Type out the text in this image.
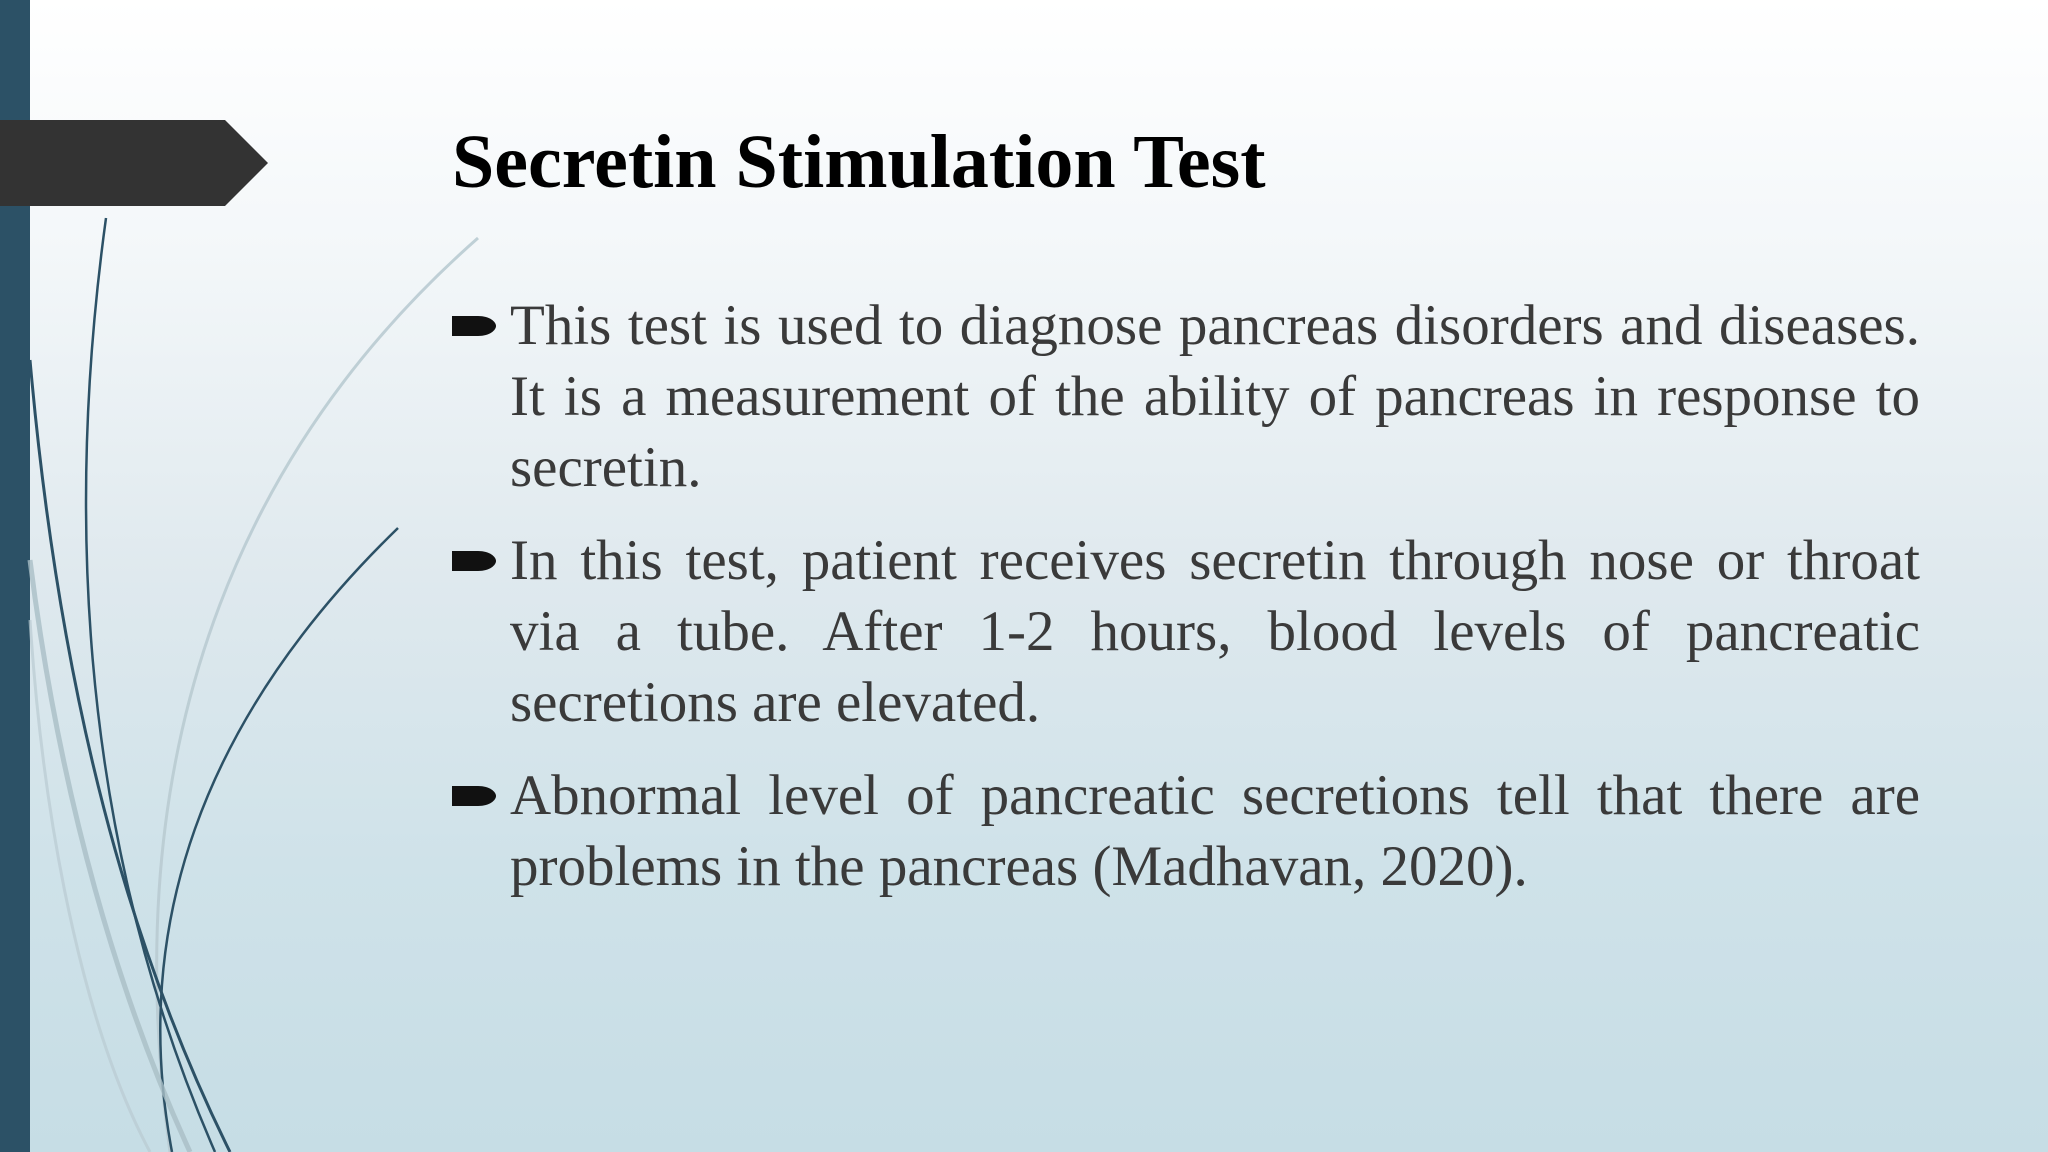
Secretin Stimulation Test
This test is used to diagnose pancreas disorders and diseases. It is a measurement of the ability of pancreas in response to secretin.
In this test, patient receives secretin through nose or throat via a tube. After 1-2 hours, blood levels of pancreatic secretions are elevated.
Abnormal level of pancreatic secretions tell that there are problems in the pancreas (Madhavan, 2020).
